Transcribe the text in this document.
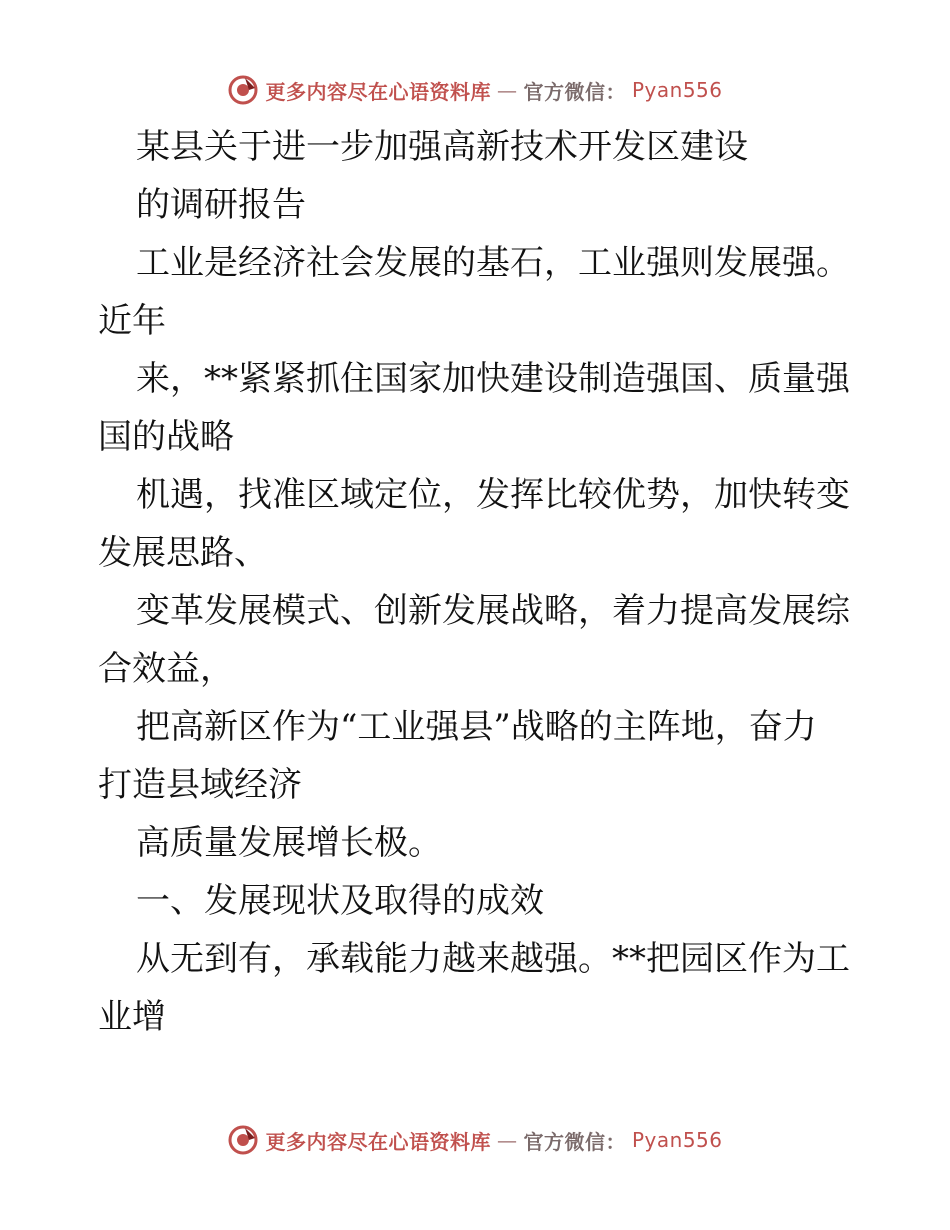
更多内容尽在心语资料库 — 官方微信： Pyan556

某县关于进一步加强高新技术开发区建设

的调研报告

工业是经济社会发展的基石，工业强则发展强。

近年

来，**紧紧抓住国家加快建设制造强国、质量强

国的战略

机遇，找准区域定位，发挥比较优势，加快转变

发展思路、

变革发展模式、创新发展战略，着力提高发展综

合效益，

把高新区作为“工业强县”战略的主阵地，奋力

打造县域经济

高质量发展增长极。

一、发展现状及取得的成效

从无到有，承载能力越来越强。**把园区作为工

业增

更多内容尽在心语资料库 — 官方微信： Pyan556
